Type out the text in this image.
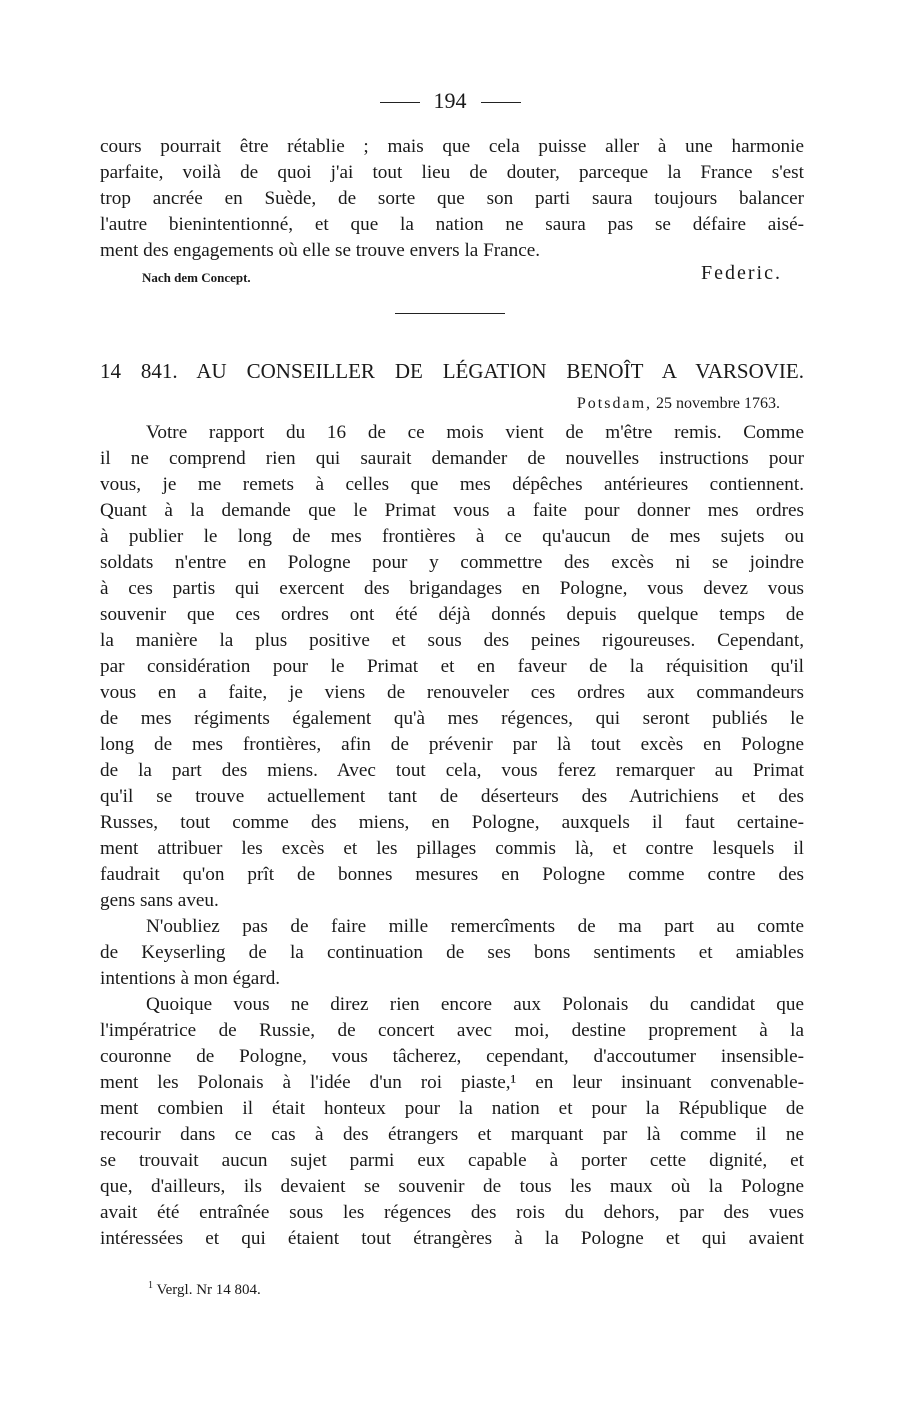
194
cours pourrait être rétablie ; mais que cela puisse aller à une harmonie
parfaite, voilà de quoi j'ai tout lieu de douter, parceque la France s'est
trop ancrée en Suède, de sorte que son parti saura toujours balancer
l'autre bienintentionné, et que la nation ne saura pas se défaire aisé-
ment des engagements où elle se trouve envers la France.
Nach dem Concept.	Federic.
14 841. AU CONSEILLER DE LÉGATION BENOÎT A VARSOVIE.
Potsdam, 25 novembre 1763.
Votre rapport du 16 de ce mois vient de m'être remis. Comme
il ne comprend rien qui saurait demander de nouvelles instructions pour
vous, je me remets à celles que mes dépêches antérieures contiennent.
Quant à la demande que le Primat vous a faite pour donner mes ordres
à publier le long de mes frontières à ce qu'aucun de mes sujets ou
soldats n'entre en Pologne pour y commettre des excès ni se joindre
à ces partis qui exercent des brigandages en Pologne, vous devez vous
souvenir que ces ordres ont été déjà donnés depuis quelque temps de
la manière la plus positive et sous des peines rigoureuses. Cependant,
par considération pour le Primat et en faveur de la réquisition qu'il
vous en a faite, je viens de renouveler ces ordres aux commandeurs
de mes régiments également qu'à mes régences, qui seront publiés le
long de mes frontières, afin de prévenir par là tout excès en Pologne
de la part des miens. Avec tout cela, vous ferez remarquer au Primat
qu'il se trouve actuellement tant de déserteurs des Autrichiens et des
Russes, tout comme des miens, en Pologne, auxquels il faut certaine-
ment attribuer les excès et les pillages commis là, et contre lesquels il
faudrait qu'on prît de bonnes mesures en Pologne comme contre des
gens sans aveu.
N'oubliez pas de faire mille remercîments de ma part au comte
de Keyserling de la continuation de ses bons sentiments et amiables
intentions à mon égard.
Quoique vous ne direz rien encore aux Polonais du candidat que
l'impératrice de Russie, de concert avec moi, destine proprement à la
couronne de Pologne, vous tâcherez, cependant, d'accoutumer insensible-
ment les Polonais à l'idée d'un roi piaste,¹ en leur insinuant convenable-
ment combien il était honteux pour la nation et pour la République de
recourir dans ce cas à des étrangers et marquant par là comme il ne
se trouvait aucun sujet parmi eux capable à porter cette dignité, et
que, d'ailleurs, ils devaient se souvenir de tous les maux où la Pologne
avait été entraînée sous les régences des rois du dehors, par des vues
intéressées et qui étaient tout étrangères à la Pologne et qui avaient
$^1$ Vergl. Nr 14 804.
